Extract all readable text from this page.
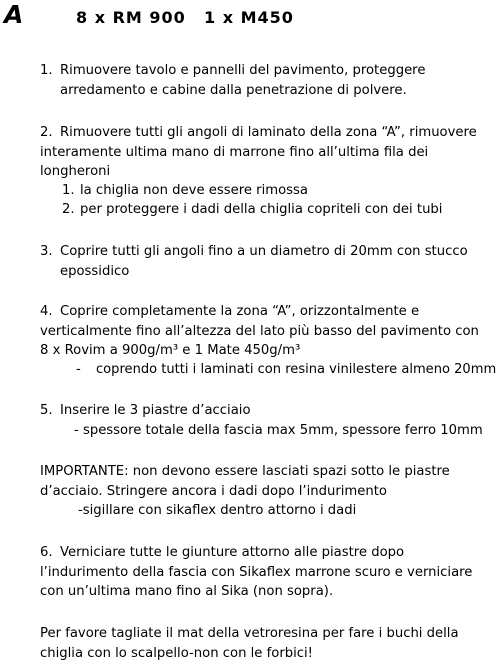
A	8 x RM 900 1 x M450
1. Rimuovere tavolo e pannelli del pavimento, proteggere
arredamento e cabine dalla penetrazione di polvere.
2. Rimuovere tutti gli angoli di laminato della zona “A”, rimuovere
interamente ultima mano di marrone fino all’ultima fila dei
longheroni
1. la chiglia non deve essere rimossa
2. per proteggere i dadi della chiglia copriteli con dei tubi
3. Coprire tutti gli angoli fino a un diametro di 20mm con stucco
epossidico
4. Coprire completamente la zona “A”, orizzontalmente e
verticalmente fino all’altezza del lato più basso del pavimento con
8 x Rovim a 900g/m³ e 1 Mate 450g/m³
- coprendo tutti i laminati con resina vinilestere almeno 20mm
5. Inserire le 3 piastre d’acciaio
- spessore totale della fascia max 5mm, spessore ferro 10mm
IMPORTANTE: non devono essere lasciati spazi sotto le piastre
d’acciaio. Stringere ancora i dadi dopo l’indurimento
-sigillare con sikaflex dentro attorno i dadi
6. Verniciare tutte le giunture attorno alle piastre dopo
l’indurimento della fascia con Sikaflex marrone scuro e verniciare
con un’ultima mano fino al Sika (non sopra).
Per favore tagliate il mat della vetroresina per fare i buchi della
chiglia con lo scalpello-non con le forbici!
